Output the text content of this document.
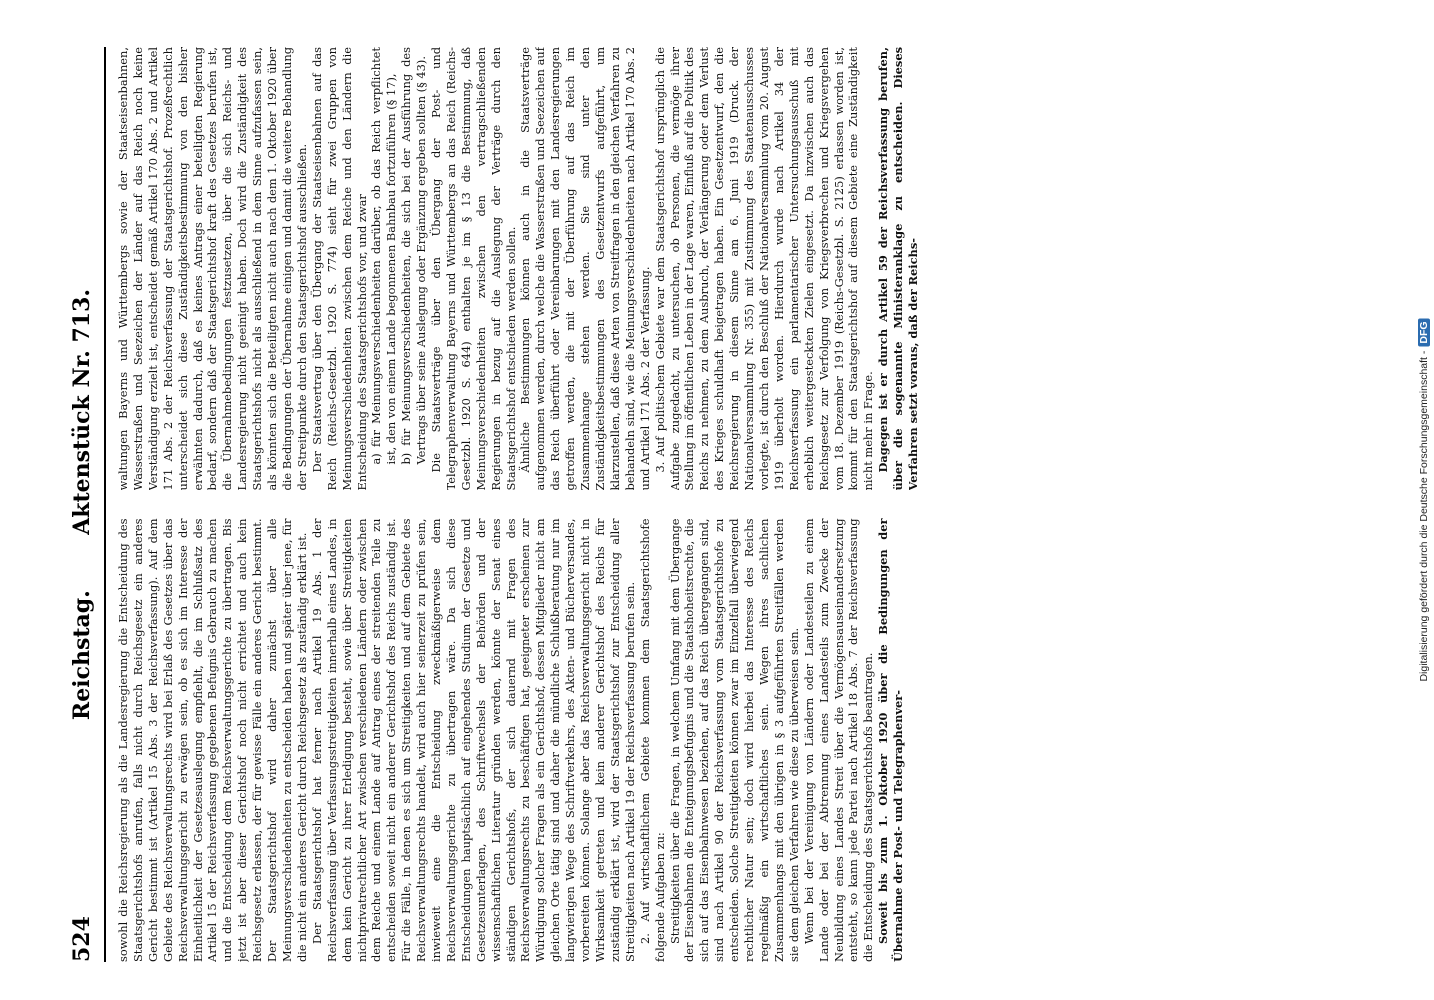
524
Reichstag.  Aktenstück Nr. 713.

sowohl die Reichsregierung als die Landesregierung die Entscheidung des Staatsgerichtshofs anrufen, falls nicht durch Reichsgesetz ein anderes Gericht bestimmt ist (Artikel 15 Abs. 3 der Reichsverfassung). Auf dem Gebiete des Reichsverwaltungsrechts wird bei Erlaß des Gesetzes über das Reichsverwaltungsgericht zu erwägen sein, ob es sich im Interesse der Einheitlichkeit der Gesetzesauslegung empfiehlt, die im Schlußsatz des Artikel 15 der Reichsverfassung gegebenen Befugnis Gebrauch zu machen und die Entscheidung dem Reichsverwaltungsgerichte zu übertragen. Bis jetzt ist aber dieser Gerichtshof noch nicht errichtet und auch kein Reichsgesetz erlassen, der für gewisse Fälle ein anderes Gericht bestimmt. Der Staatsgerichtshof wird daher zunächst über alle Meinungsverschiedenheiten zu entscheiden haben und später über jene, für die nicht ein anderes Gericht durch Reichsgesetz als zuständig erklärt ist. Der Staatsgerichtshof hat ferner nach Artikel 19 Abs. 1 der Reichsverfassung über Verfassungsstreitigkeiten innerhalb eines Landes, in dem kein Gericht zu ihrer Erledigung besteht, sowie über Streitigkeiten nichtprivatrechtlicher Art zwischen verschiedenen Ländern oder zwischen dem Reiche und einem Lande auf Antrag eines der streitenden Teile zu entscheiden soweit nicht ein anderer Gerichtshof des Reichs zuständig ist. Für die Fälle, in denen es sich um Streitigkeiten und auf dem Gebiete des Reichsverwaltungsrechts handelt, wird auch hier seinerzeit zu prüfen sein, inwieweit eine die Entscheidung zweckmäßigerweise dem Reichsverwaltungsgerichte zu übertragen wäre. Da sich diese Entscheidungen hauptsächlich auf eingehendes Studium der Gesetze und Gesetzesunterlagen, des Schriftwechsels der Behörden und der wissenschaftlichen Literatur gründen werden, könnte der Senat eines ständigen Gerichtshofs, der sich dauernd mit Fragen des Reichsverwaltungsrechts zu beschäftigen hat, geeigneter erscheinen zur Würdigung solcher Fragen als ein Gerichtshof, dessen Mitglieder nicht am gleichen Orte tätig sind und daher die mündliche Schlußberatung nur im langwierigen Wege des Schriftverkehrs, des Akten- und Bücherversandes, vorbereiten können. Solange aber das Reichsverwaltungsgericht nicht in Wirksamkeit getreten und kein anderer Gerichtshof des Reichs für zuständig erklärt ist, wird der Staatsgerichtshof zur Entscheidung aller Streitigkeiten nach Artikel 19 der Reichsverfassung berufen sein. 2. Auf wirtschaftlichem Gebiete kommen dem Staatsgerichtshofe folgende Aufgaben zu: Streitigkeiten über die Fragen, in welchem Umfang mit dem Übergange der Eisenbahnen die Enteignungsbefugnis und die Staatshoheitsrechte, die sich auf das Eisenbahnwesen beziehen, auf das Reich übergegangen sind, sind nach Artikel 90 der Reichsverfassung vom Staatsgerichtshofe zu entscheiden. Solche Streitigkeiten können zwar im Einzelfall überwiegend rechtlicher Natur sein; doch wird hierbei das Interesse des Reichs regelmäßig ein wirtschaftliches sein. Wegen ihres sachlichen Zusammenhangs mit den übrigen in § 3 aufgeführten Streitfällen werden sie dem gleichen Verfahren wie diese zu überweisen sein. Wenn bei der Vereinigung von Ländern oder Landesteilen zu einem Lande oder bei der Abtrennung eines Landesteils zum Zwecke der Neubildung eines Landes Streit über die Vermögensauseinandersetzung entsteht, so kann jede Partei nach Artikel 18 Abs. 7 der Reichsverfassung die Entscheidung des Staatsgerichtshofs beantragen. Soweit bis zum 1. Oktober 1920 über die Bedingungen der Übernahme der Post- und Telegraphenver-

waltungen Bayerns und Württembergs sowie der Staatseisenbahnen, Wasserstraßen und Seezeichen der Länder auf das Reich noch keine Verständigung erzielt ist, entscheidet gemäß Artikel 170 Abs. 2 und Artikel 171 Abs. 2 der Reichsverfassung der Staatsgerichtshof. Prozeßrechtlich unterscheidet sich diese Zuständigkeitsbestimmung von den bisher erwähnten dadurch, daß es keines Antrags einer beteiligten Regierung bedarf, sondern daß der Staatsgerichtshof kraft des Gesetzes berufen ist, die Übernahmebedingungen festzusetzen, über die sich Reichs- und Landesregierung nicht geeinigt haben. Doch wird die Zuständigkeit des Staatsgerichtshofs nicht als ausschließend in dem Sinne aufzufassen sein, als könnten sich die Beteiligten nicht auch nach dem 1. Oktober 1920 über die Bedingungen der Übernahme einigen und damit die weitere Behandlung der Streitpunkte durch den Staatsgerichtshof ausschließen. Der Staatsvertrag über den Übergang der Staatseisenbahnen auf das Reich (Reichs-Gesetzbl. 1920 S. 774) sieht für zwei Gruppen von Meinungsverschiedenheiten zwischen dem Reiche und den Ländern die Entscheidung des Staatsgerichtshofs vor, und zwar a) für Meinungsverschiedenheiten darüber, ob das Reich verpflichtet ist, den von einem Lande begonnenen Bahnbau fortzuführen (§ 17), b) für Meinungsverschiedenheiten, die sich bei der Ausführung des Vertrags über seine Auslegung oder Ergänzung ergeben sollten (§ 43). Die Staatsverträge über den Übergang der Post- und Telegraphenverwaltung Bayerns und Württembergs an das Reich (Reichs-Gesetzbl. 1920 S. 644) enthalten je im § 13 die Bestimmung, daß Meinungsverschiedenheiten zwischen den vertragschließenden Regierungen in bezug auf die Auslegung der Verträge durch den Staatsgerichtshof entschieden werden sollen. Ähnliche Bestimmungen können auch in die Staatsverträge aufgenommen werden, durch welche die Wasserstraßen und Seezeichen auf das Reich überführt oder Vereinbarungen mit den Landesregierungen getroffen werden, die mit der Überführung auf das Reich im Zusammenhange stehen werden. Sie sind unter den Zuständigkeitsbestimmungen des Gesetzentwurfs aufgeführt, um klarzustellen, daß diese Arten von Streitfragen in den gleichen Verfahren zu behandeln sind, wie die Meinungsverschiedenheiten nach Artikel 170 Abs. 2 und Artikel 171 Abs. 2 der Verfassung. 3. Auf politischem Gebiete war dem Staatsgerichtshof ursprünglich die Aufgabe zugedacht, zu untersuchen, ob Personen, die vermöge ihrer Stellung im öffentlichen Leben in der Lage waren, Einfluß auf die Politik des Reichs zu nehmen, zu dem Ausbruch, der Verlängerung oder dem Verlust des Krieges schuldhaft beigetragen haben. Ein Gesetzentwurf, den die Reichsregierung in diesem Sinne am 6. Juni 1919 (Druck. der Nationalversammlung Nr. 355) mit Zustimmung des Staatenausschusses vorlegte, ist durch den Beschluß der Nationalversammlung vom 20. August 1919 überholt worden. Hierdurch wurde nach Artikel 34 der Reichsverfassung ein parlamentarischer Untersuchungsausschuß mit erheblich weitergesteckten Zielen eingesetzt. Da inzwischen auch das Reichsgesetz zur Verfolgung von Kriegsverbrechen und Kriegsvergehen vom 18. Dezember 1919 (Reichs-Gesetzbl. S. 2125) erlassen worden ist, kommt für den Staatsgerichtshof auf diesem Gebiete eine Zuständigkeit nicht mehr in Frage. Dagegen ist er durch Artikel 59 der Reichsverfassung berufen, über die sogenannte Ministeranklage zu entscheiden. Dieses Verfahren setzt voraus, daß der Reichs-	Digitalisierung gefördert durch die Deutsche Forschungsgemeinschaft -DFG
